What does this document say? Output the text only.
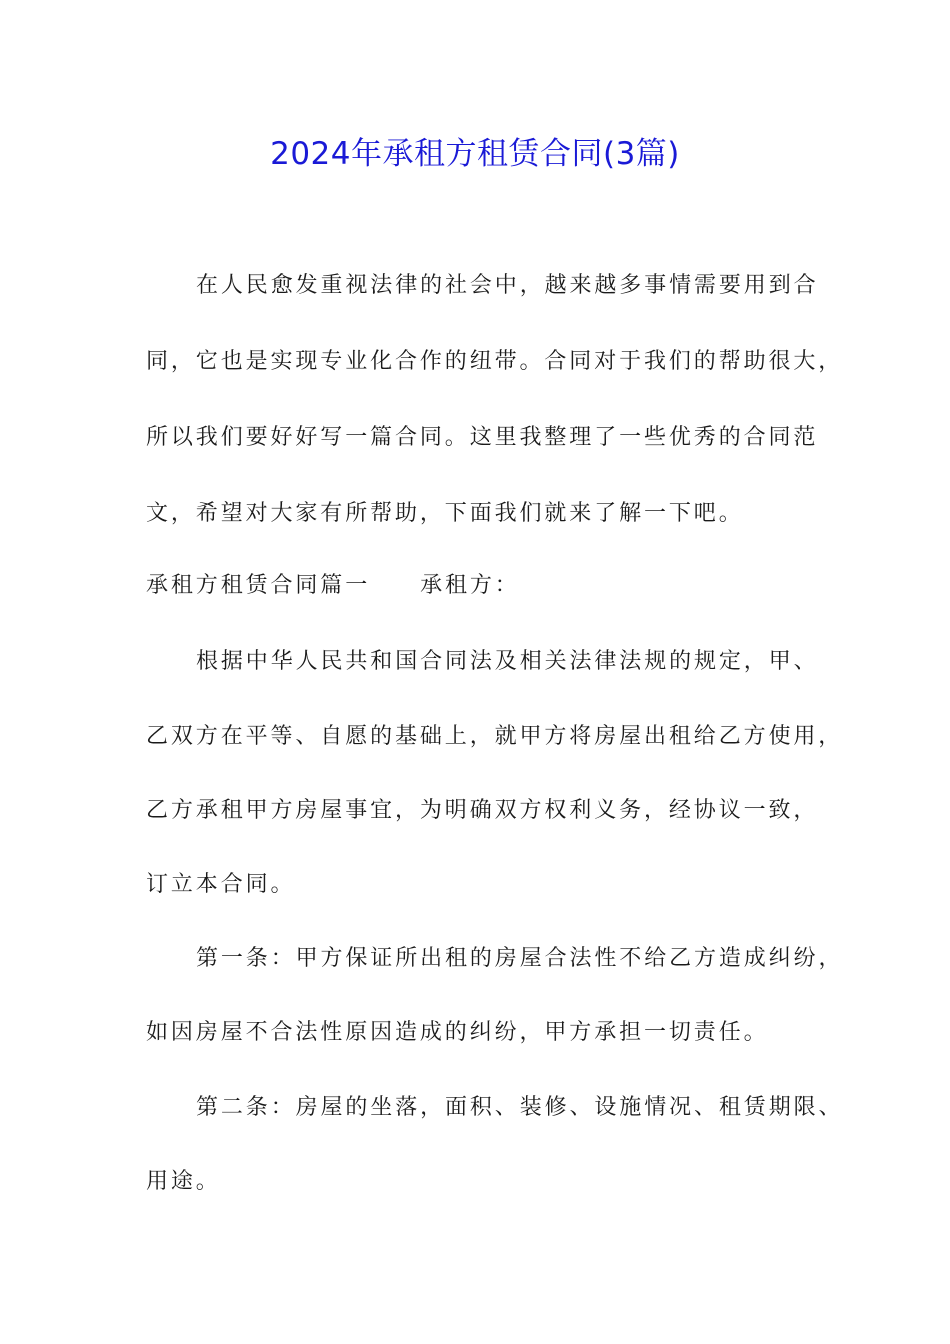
2024年承租方租赁合同(3篇)
在人民愈发重视法律的社会中，越来越多事情需要用到合
同，它也是实现专业化合作的纽带。合同对于我们的帮助很大，
所以我们要好好写一篇合同。这里我整理了一些优秀的合同范
文，希望对大家有所帮助，下面我们就来了解一下吧。
承租方租赁合同篇一 承租方：
根据中华人民共和国合同法及相关法律法规的规定，甲、
乙双方在平等、自愿的基础上，就甲方将房屋出租给乙方使用，
乙方承租甲方房屋事宜，为明确双方权利义务，经协议一致，
订立本合同。
第一条：甲方保证所出租的房屋合法性不给乙方造成纠纷，
如因房屋不合法性原因造成的纠纷，甲方承担一切责任。
第二条：房屋的坐落，面积、装修、设施情况、租赁期限、
用途。
